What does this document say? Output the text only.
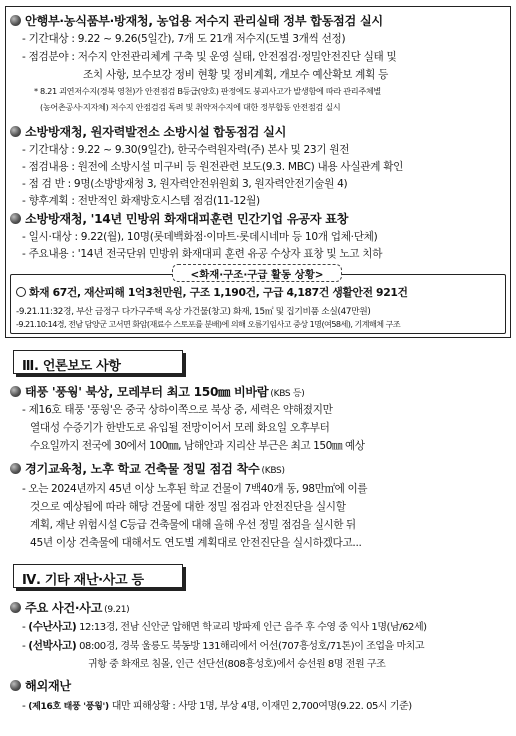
안행부·농식품부·방재청, 농업용 저수지 관리실태 정부 합동점검 실시
- 기간대상 : 9.22 ~ 9.26(5일간), 7개 도 21개 저수지(도별 3개씩 선정)
- 점검분야 : 저수지 안전관리체계 구축 및 운영 실태, 안전점검·정밀안전진단 실태 및
조치 사항, 보수보강 정비 현황 및 정비계획, 개보수 예산확보 계획 등
* 8.21 괴연저수지(경북 영천)가 안전점검 B등급(양호) 판정에도 붕괴사고가 발생함에 따라 관리주체별
(농어촌공사·지자체) 저수지 안점검검 독려 및 취약저수지에 대한 정부합동 안전점검 실시
소방방재청, 원자력발전소 소방시설 합동점검 실시
- 기간대상 : 9.22 ~ 9.30(9일간), 한국수력원자력(주) 본사 및 23기 원전
- 점검내용 : 원전에 소방시설 미구비 등 원전관련 보도(9.3. MBC) 내용 사실관계 확인
- 점 검 반 : 9명(소방방재청 3, 원자력안전위원회 3, 원자력안전기술원 4)
- 향후계획 : 전반적인 화재방호시스템 점검(11-12월)
소방방재청, '14년 민방위 화재대피훈련 민간기업 유공자 표창
- 일시·대상 : 9.22(월), 10명(롯데백화점·이마트·롯데시네마 등 10개 업체·단체)
- 주요내용 : '14년 전국단위 민방위 화재대피 훈련 유공 수상자 표창 및 노고 치하
<화재·구조·구급 활동 상황>
화재 67건, 재산피해 1억3천만원, 구조 1,190건, 구급 4,187건 생활안전 921건
-9.21.11:32경, 부산 금정구 다가구주택 옥상 가건물(창고) 화재, 15㎡ 및 집기비품 소실(47만원)
-9.21.10:14경, 전남 담양군 고서면 화암(재료수 스토포를 분배)에 의해 오름기임사고 중상 1명(여58세), 기계해체 구조
Ⅲ. 언론보도 사항
태풍 '풍웡' 북상, 모레부터 최고 150㎜ 비바람 (KBS 등)
- 제16호 태풍 '풍웡'은 중국 상하이쪽으로 북상 중, 세력은 약해졌지만
열대성 수증기가 한반도로 유입될 전망이어서 모레 화요일 오후부터
수요일까지 전국에 30에서 100㎜, 남해안과 지리산 부근은 최고 150㎜ 예상
경기교육청, 노후 학교 건축물 정밀 점검 착수 (KBS)
- 오는 2024년까지 45년 이상 노후된 학교 건물이 7백40개 동, 98만㎡에 이를
것으로 예상됨에 따라 해당 건물에 대한 정밀 점검과 안전진단을 실시할
계획, 재난 위험시설 C등급 건축물에 대해 올해 우선 정밀 점검을 실시한 뒤
45년 이상 건축물에 대해서도 연도별 계획대로 안전진단을 실시하겠다고...
Ⅳ. 기타 재난·사고 등
주요 사건·사고 (9.21)
- (수난사고) 12:13경, 전남 신안군 압해면 학교리 방파제 인근 음주 후 수영 중 익사 1명(남/62세)
- (선박사고) 08:00경, 경북 울릉도 북동방 131해리에서 어선(707흥성호/71톤)이 조업을 마치고
귀항 중 화재로 침몰, 인근 선단선(808흥성호)에서 승선원 8명 전원 구조
해외재난
- (제16호 태풍 '풍웡') 대만 피해상황 : 사망 1명, 부상 4명, 이재민 2,700여명(9.22. 05시 기준)
